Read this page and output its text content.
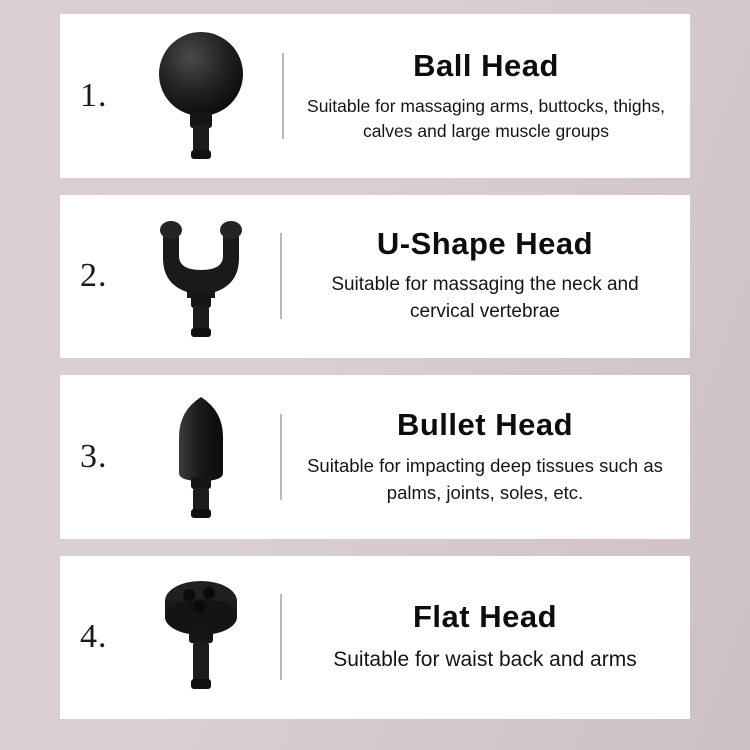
1.
Ball Head
Suitable for massaging arms, buttocks, thighs, calves and large muscle groups
2.
U-Shape Head
Suitable for massaging the neck and cervical vertebrae
3.
Bullet Head
Suitable for impacting deep tissues such as palms, joints, soles, etc.
4.
Flat Head
Suitable for waist back and arms
